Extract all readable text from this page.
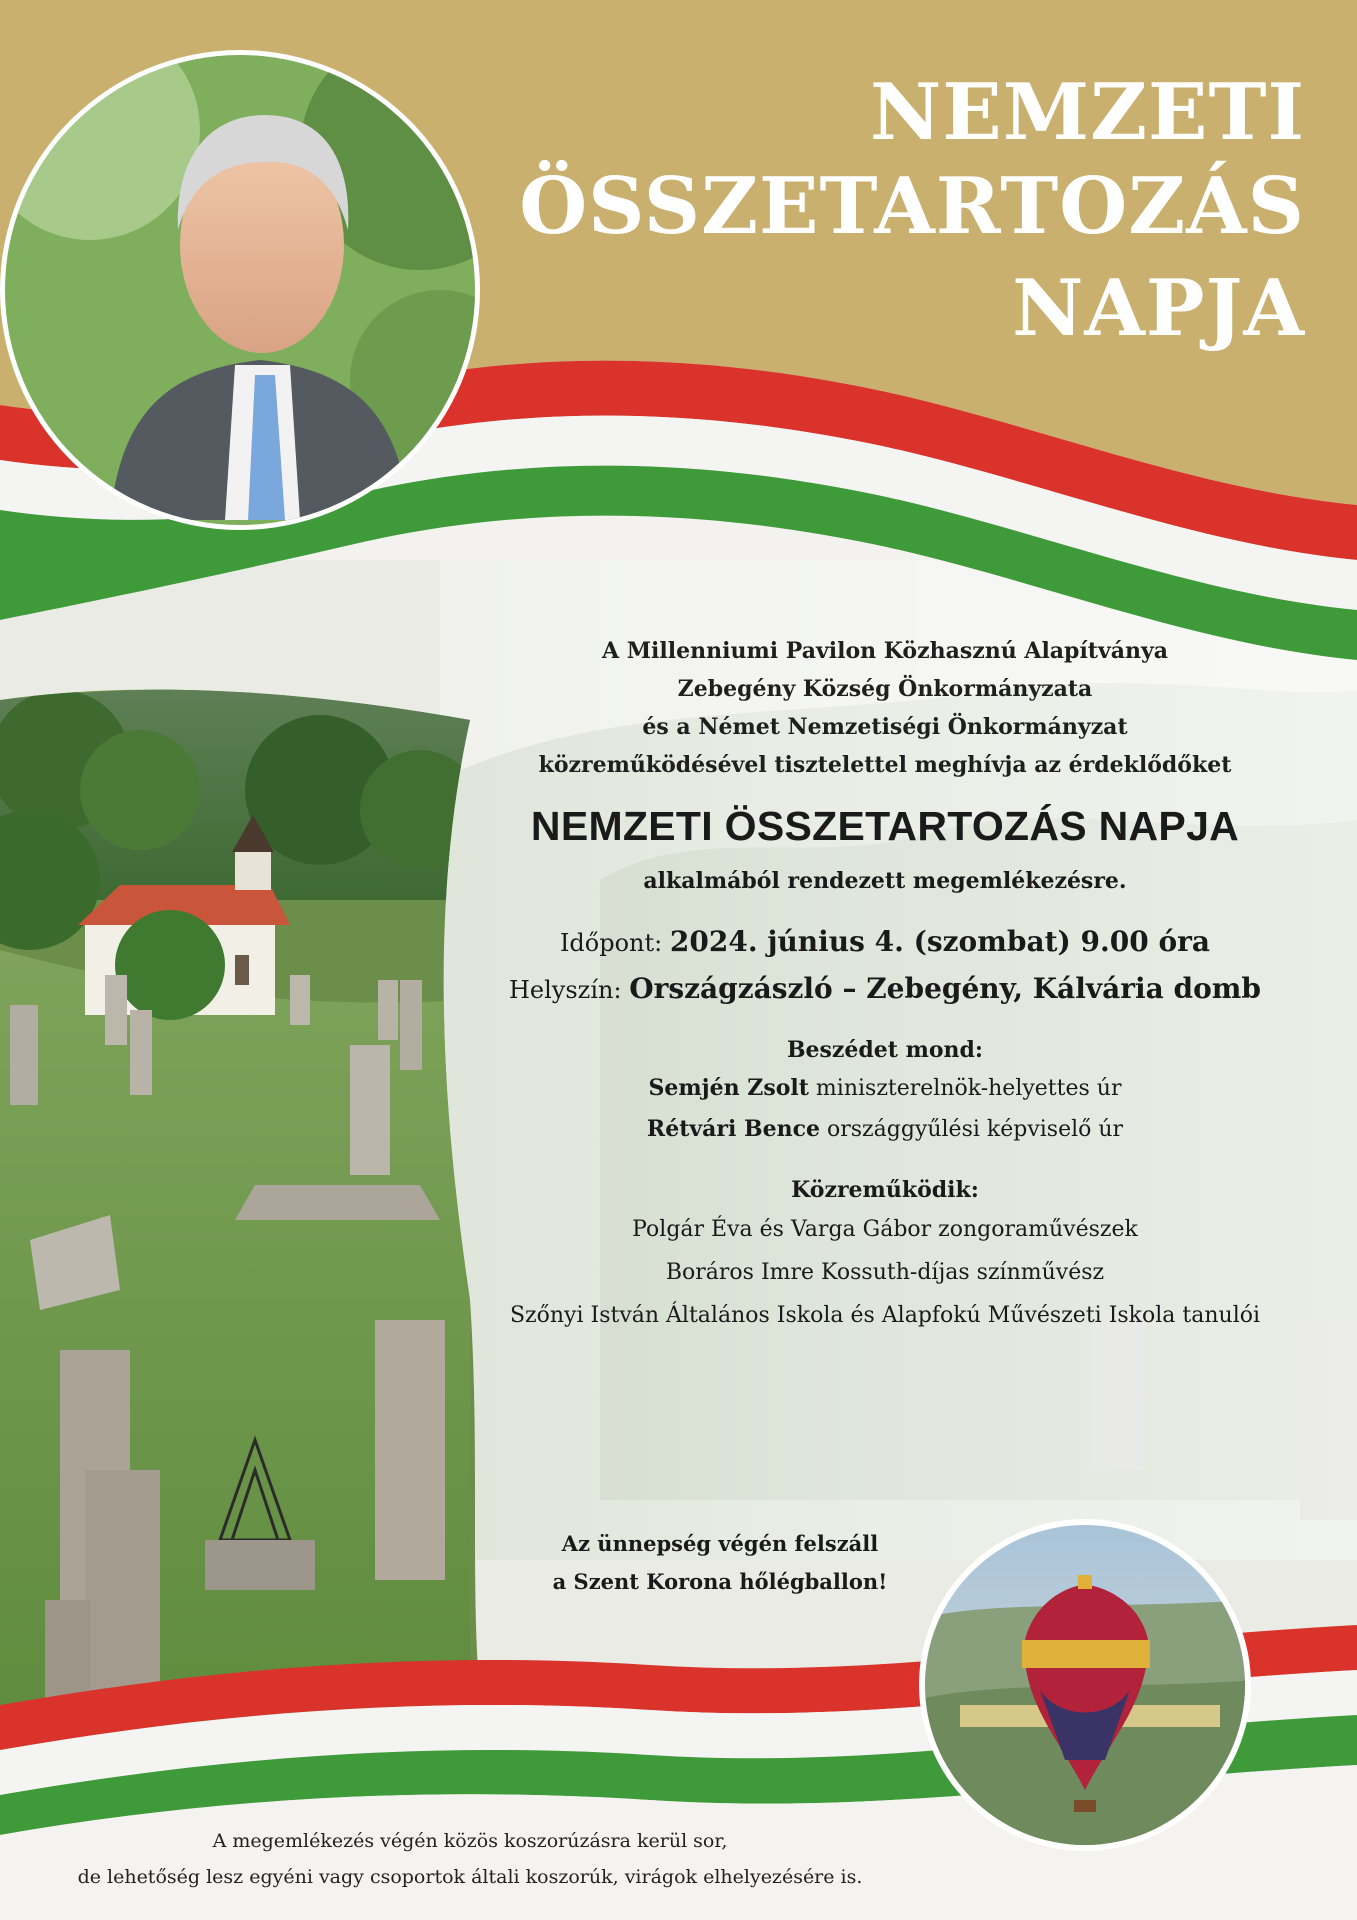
NEMZETI
ÖSSZETARTOZÁS
NAPJA
A Millenniumi Pavilon Közhasznú Alapítványa
Zebegény Község Önkormányzata
és a Német Nemzetiségi Önkormányzat
közreműködésével tisztelettel meghívja az érdeklődőket
NEMZETI ÖSSZETARTOZÁS NAPJA
alkalmából rendezett megemlékezésre.
Időpont: 2024. június 4. (szombat) 9.00 óra
Helyszín: Országzászló – Zebegény, Kálvária domb
Beszédet mond:
Semjén Zsolt miniszterelnök-helyettes úr
Rétvári Bence országgyűlési képviselő úr
Közreműködik:
Polgár Éva és Varga Gábor zongoraművészek
Boráros Imre Kossuth-díjas színművész
Szőnyi István Általános Iskola és Alapfokú Művészeti Iskola tanulói
Az ünnepség végén felszáll
a Szent Korona hőlégballon!
A megemlékezés végén közös koszorúzásra kerül sor,
de lehetőség lesz egyéni vagy csoportok általi koszorúk, virágok elhelyezésére is.
